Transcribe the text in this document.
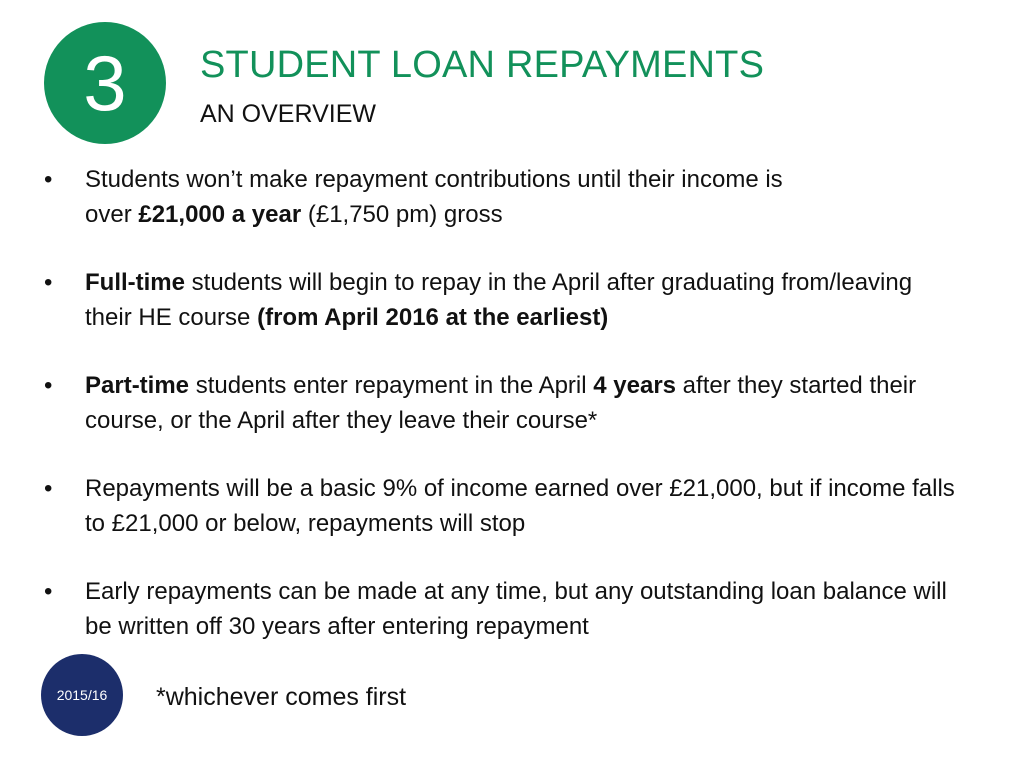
3	STUDENT LOAN REPAYMENTS
AN OVERVIEW
•	Students won’t make repayment contributions until their income is
over £21,000 a year (£1,750 pm) gross
•	Full-time students will begin to repay in the April after graduating from/leaving their HE course (from April 2016 at the earliest)
•	Part-time students enter repayment in the April 4 years after they started their course, or the April after they leave their course*
•	Repayments will be a basic 9% of income earned over £21,000, but if income falls to £21,000 or below, repayments will stop
•	Early repayments can be made at any time, but any outstanding loan balance will be written off 30 years after entering repayment
2015/16	*whichever comes first
